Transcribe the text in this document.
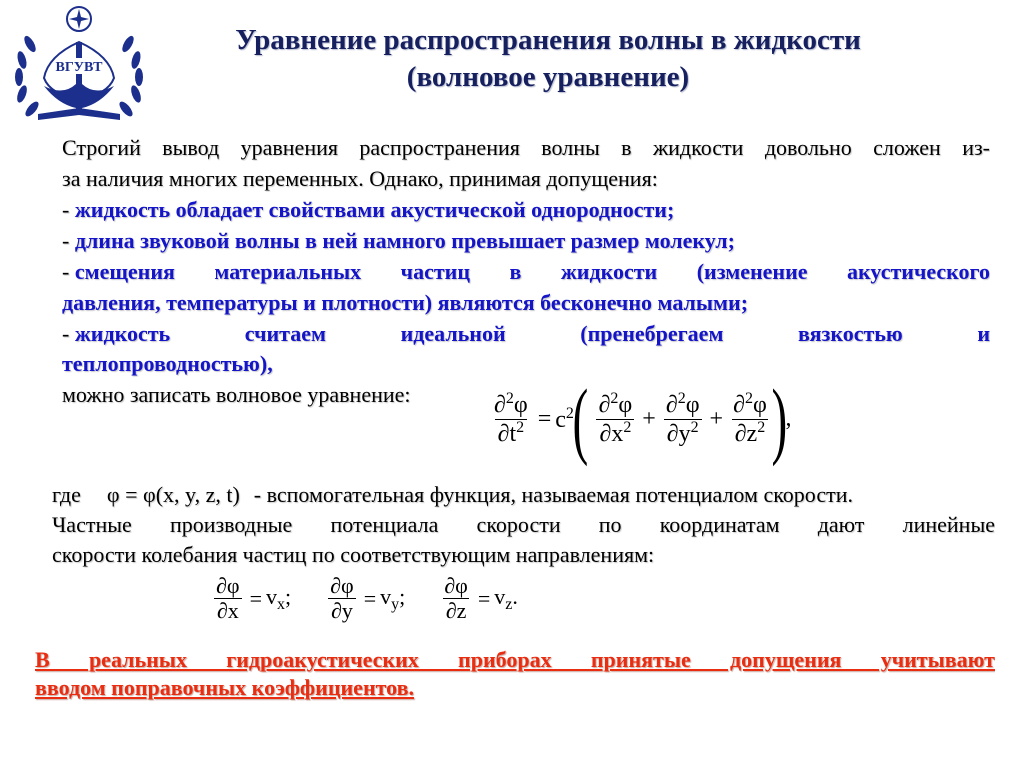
ВГУВТ
Уравнение распространения волны в жидкости
(волновое уравнение)
Строгий вывод уравнения распространения волны в жидкости довольно сложен из-
за наличия многих переменных. Однако, принимая допущения:
- жидкость обладает свойствами акустической однородности;
- длина звуковой волны в ней намного превышает размер молекул;
- смещения материальных частиц в жидкости (изменение акустического
давления, температуры и плотности) являются бесконечно малыми;
- жидкость считаем идеальной (пренебрегаем вязкостью и
теплопроводностью),
можно записать волновое уравнение:	$\frac{\partial^2\varphi}{\partial t^2} = c^2( \frac{\partial^2\varphi}{\partial x^2} + \frac{\partial^2\varphi}{\partial y^2} + \frac{\partial^2\varphi}{\partial z^2}$ ),
где φ = φ(x, y, z, t) - вспомогательная функция, называемая потенциалом скорости.
Частные производные потенциала скорости по координатам дают линейные
скорости колебания частиц по соответствующим направлениям:
$\frac{\partial\varphi}{\partial x} = v_x$; $\frac{\partial\varphi}{\partial y} = v_y$; $\frac{\partial\varphi}{\partial z} = v_z$.
В реальных гидроакустических приборах принятые допущения учитывают
вводом поправочных коэффициентов.
